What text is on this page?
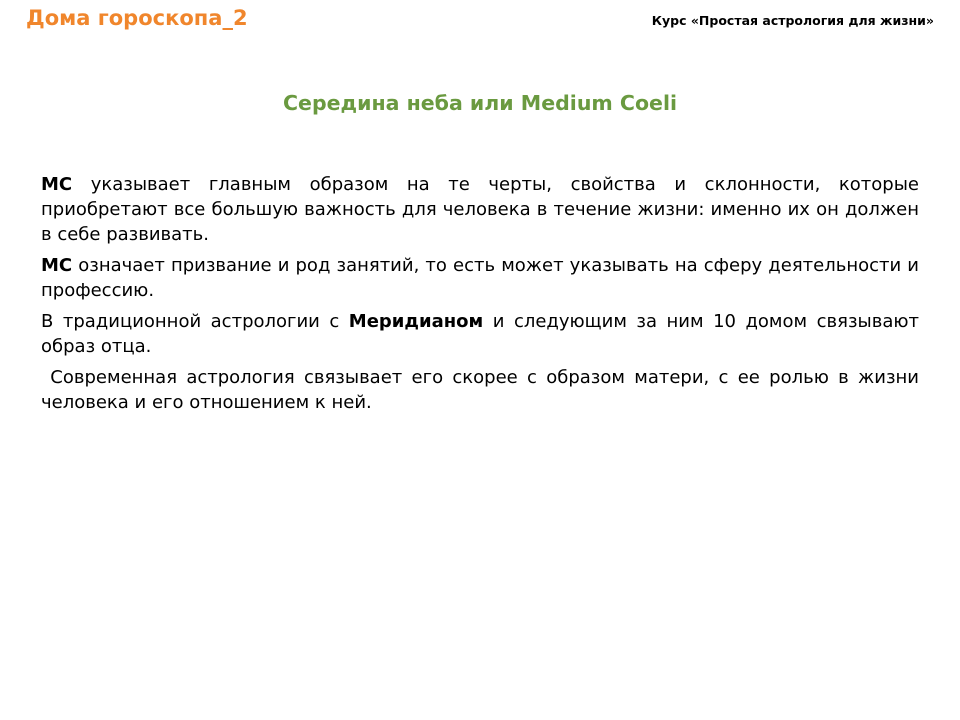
Дома гороскопа_2	Курс «Простая астрология для жизни»
Середина неба или Medium Coeli

МС указывает главным образом на те черты, свойства и склонности, которые приобретают все большую важность для человека в течение жизни: именно их он должен в себе развивать.

МС означает призвание и род занятий, то есть может указывать на сферу деятельности и профессию.

В традиционной астрологии с Меридианом и следующим за ним 10 домом связывают образ отца.

Современная астрология связывает его скорее с образом матери, с ее ролью в жизни человека и его отношением к ней.
